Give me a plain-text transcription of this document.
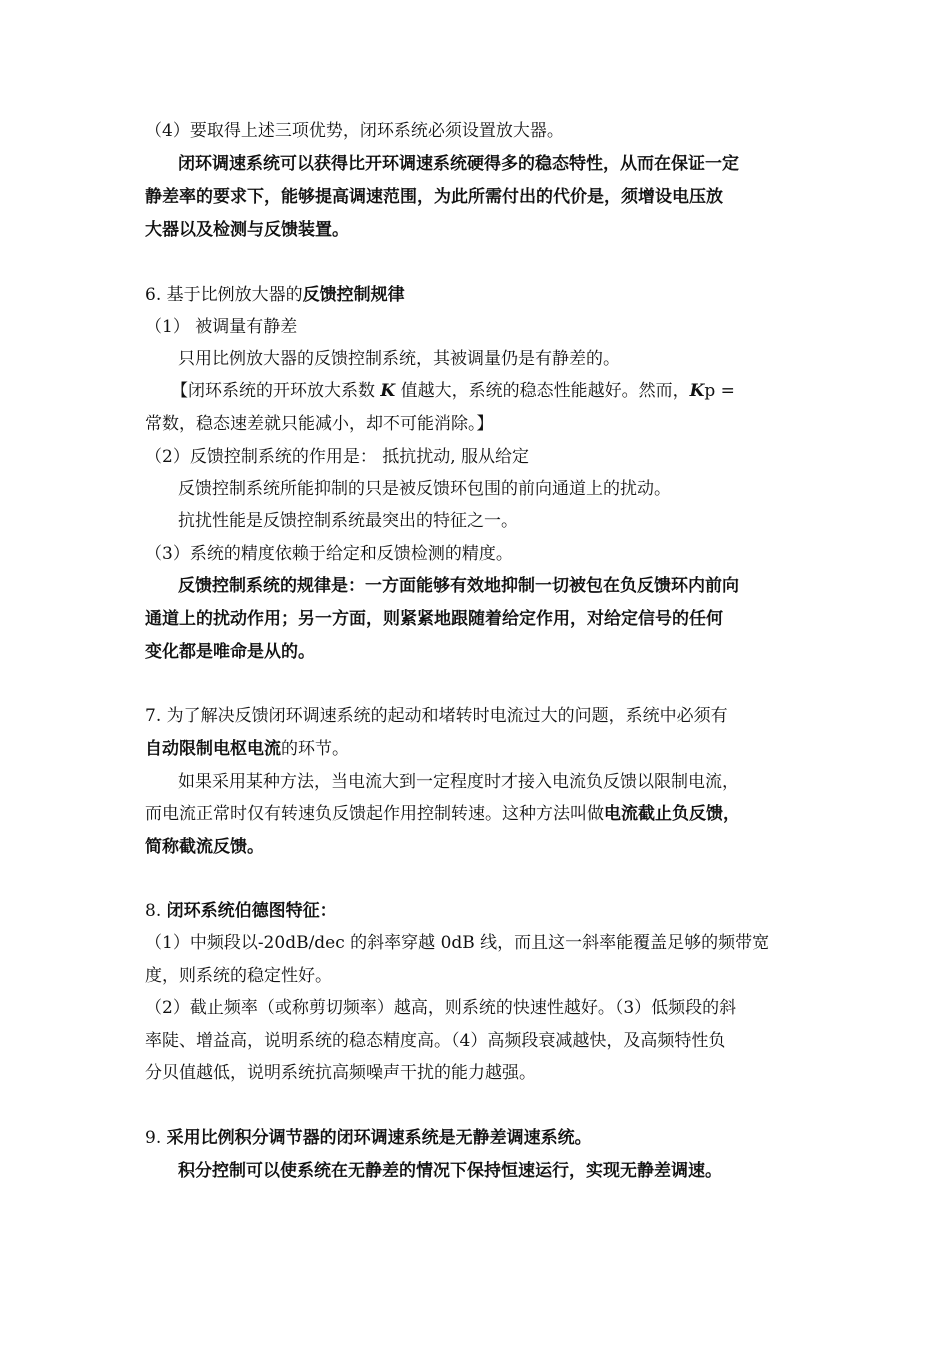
（4）要取得上述三项优势，闭环系统必须设置放大器。
闭环调速系统可以获得比开环调速系统硬得多的稳态特性，从而在保证一定
静差率的要求下，能够提高调速范围，为此所需付出的代价是，须增设电压放
大器以及检测与反馈装置。
6. 基于比例放大器的反馈控制规律
（1） 被调量有静差
只用比例放大器的反馈控制系统，其被调量仍是有静差的。
【闭环系统的开环放大系数 K 值越大，系统的稳态性能越好。然而，Kp =
常数，稳态速差就只能减小，却不可能消除。】
（2）反馈控制系统的作用是： 抵抗扰动, 服从给定
反馈控制系统所能抑制的只是被反馈环包围的前向通道上的扰动。
抗扰性能是反馈控制系统最突出的特征之一。
（3）系统的精度依赖于给定和反馈检测的精度。
反馈控制系统的规律是：一方面能够有效地抑制一切被包在负反馈环内前向
通道上的扰动作用；另一方面，则紧紧地跟随着给定作用，对给定信号的任何
变化都是唯命是从的。
7. 为了解决反馈闭环调速系统的起动和堵转时电流过大的问题，系统中必须有
自动限制电枢电流的环节。
如果采用某种方法，当电流大到一定程度时才接入电流负反馈以限制电流，
而电流正常时仅有转速负反馈起作用控制转速。这种方法叫做电流截止负反馈，
简称截流反馈。
8. 闭环系统伯德图特征：
（1）中频段以-20dB/dec 的斜率穿越 0dB 线，而且这一斜率能覆盖足够的频带宽
度，则系统的稳定性好。
（2）截止频率（或称剪切频率）越高，则系统的快速性越好。（3）低频段的斜
率陡、增益高，说明系统的稳态精度高。（4）高频段衰减越快，及高频特性负
分贝值越低，说明系统抗高频噪声干扰的能力越强。
9. 采用比例积分调节器的闭环调速系统是无静差调速系统。
积分控制可以使系统在无静差的情况下保持恒速运行，实现无静差调速。
